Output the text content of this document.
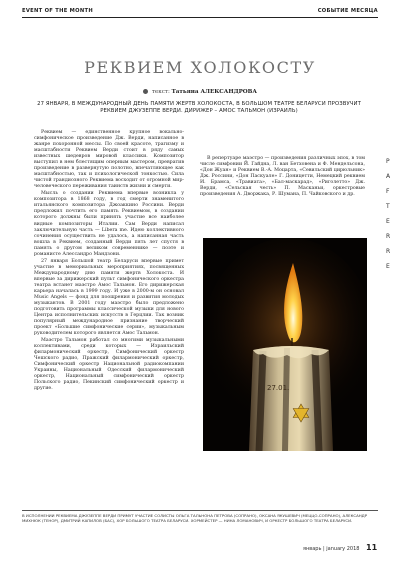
EVENT OF THE MONTH	СОБЫТИЕ МЕСЯЦА
РЕКВИЕМ ХОЛОКОСТУ
текст: Татьяна АЛЕКСАНДРОВА
27 ЯНВАРЯ, В МЕЖДУНАРОДНЫЙ ДЕНЬ ПАМЯТИ ЖЕРТВ ХОЛОКОСТА, В БОЛЬШОМ ТЕАТРЕ БЕЛАРУСИ ПРОЗВУЧИТ РЕКВИЕМ ДЖУЗЕППЕ ВЕРДИ. ДИРИЖЕР – АМОС ТАЛЬМОН (ИЗРАИЛЬ)

Реквием — единственное крупное вокально-симфоническое произведение Дж. Верди, написанное в жанре похоронной мессы. По своей красоте, трагизму и масштабности Реквием Верди стоит в ряду самых известных шедевров мировой классики. Композитор выступил в нем блестящим оперным мастером, превратив произведение в развернутую полотно, впечатляющее как масштабностью, так и психологической тонкостью. Сила чистой грандиозного Реквиема восходит от огромной мир-человеческого переживания таинств жизни и смерти.

Мысль о создании Реквиема впервые возникла у композитора в 1868 году, в год смерти знаменитого итальянского композитора Джоаккино Россини. Верди предложил почтить его память Реквиемом, в создании которого должны были принять участие все наиболее видные композиторы Италии. Сам Верди написал заключительную часть — Libera me. Идею коллективного сочинения осуществить не удалось, а написанная часть вошла в Реквием, созданный Верди пять лет спустя в память о другом великом современнике — поэте и романисте Алессандро Мандзони.

27 января Большой театр Беларуси впервые примет участие в мемориальных мероприятиях, посвященных Международному дню памяти жертв Холокоста. И впервые за дирижерский пульт симфонического оркестра театра встанет маэстро Амос Тальмон. Его дирижерская карьера началась в 1999 году. И уже в 2000-м он основал Music Angels — фонд для поощрения и развития молодых музыкантов. В 2001 году маэстро было предложено подготовить программы классической музыки для нового Центра исполнительских искусств в Герцлии. Так возник популярный международное признание творческий проект «Большие симфонические серии», музыкальным руководителем которого является Амос Тальмон.

Маэстро Тальмон работал со многими музыкальными коллективами, среди которых — Израильский филармонический оркестр, Симфонический оркестр Чешского радио, Пражский филармонический оркестр, Симфонический оркестр Национальной радиокомпании Украины, Национальный Одесский филармонический оркестр, Национальный симфонический оркестр Польского радио, Пекинский симфонический оркестр и другие.

В репертуаре маэстро — произведения различных эпох, в том числе симфонии Й. Гайдна, Л. ван Бетховена и Ф. Мендельсона, «Дон Жуан» и Реквием В.-А. Моцарта, «Севильский цирюльник» Дж. Россини, «Дон Паскуале» Г. Доницетти, Немецкий реквием И. Брамса, «Травиата», «Бал-маскарад», «Риголетто» Дж. Верди, «Сельская честь» П. Масканьи, оркестровые произведения А. Дворжака, Р. Шумана, П. Чайковского и др.

27.01.
P
A
F
T
E
R
R
E
В ИСПОЛНЕНИИ РЕКВИЕМА ДЖУЗЕППЕ ВЕРДИ ПРИМУТ УЧАСТИЕ СОЛИСТЫ ОЛЬГА ТАЛЬНОНА ПЕТРОВА (СОПРАНО), ОКСАНА ЯКУШЕВИЧ (МЕЦЦО-СОПРАНО), АЛЕКСАНДР МИХНЮК (ТЕНОР), ДМИТРИЙ КАПИЛОВ (БАС), ХОР БОЛЬШОГО ТЕАТРА БЕЛАРУСИ. ХОРМЕЙСТЕР — НИНА ЛОМАНОВИЧ, И ОРКЕСТР БОЛЬШОГО ТЕАТРА БЕЛАРУСИ.
январь | january 2018 11
